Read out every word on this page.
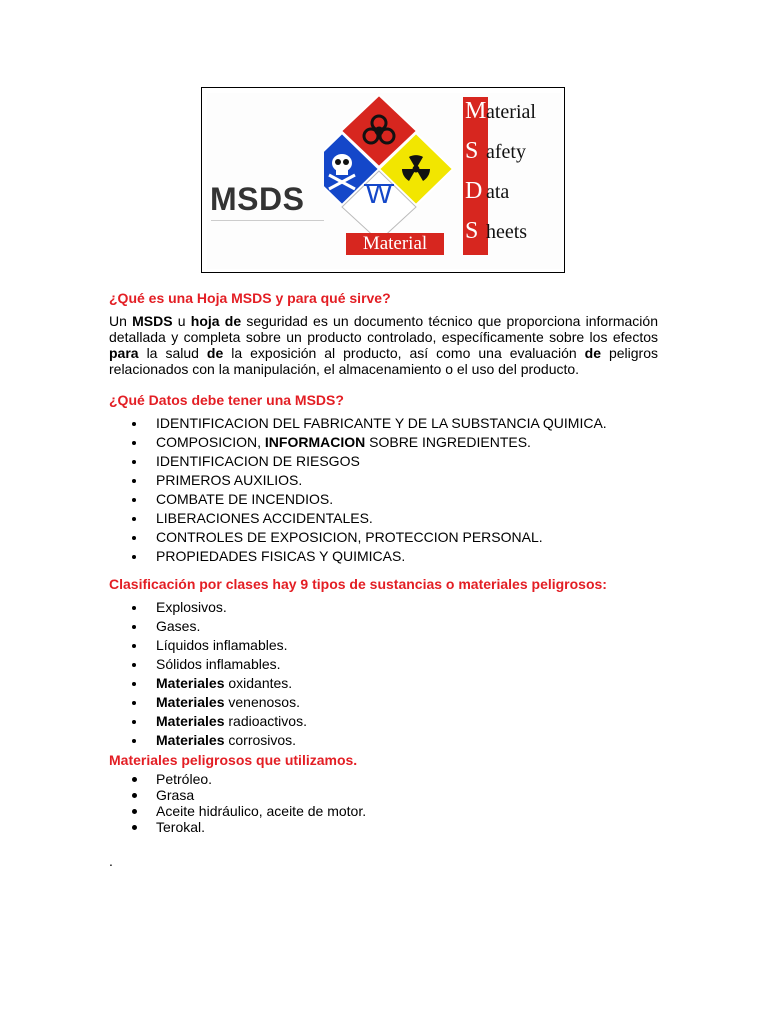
MSDS W
Material
Material
S afety
D ata
S heets
¿Qué es una Hoja MSDS y para qué sirve?

Un MSDS u hoja de seguridad es un documento técnico que proporciona información detallada y completa sobre un producto controlado, específicamente sobre los efectos para la salud de la exposición al producto, así como una evaluación de peligros relacionados con la manipulación, el almacenamiento o el uso del producto.

¿Qué Datos debe tener una MSDS?
IDENTIFICACION DEL FABRICANTE Y DE LA SUBSTANCIA QUIMICA.
COMPOSICION, INFORMACION SOBRE INGREDIENTES.
IDENTIFICACION DE RIESGOS
PRIMEROS AUXILIOS.
COMBATE DE INCENDIOS.
LIBERACIONES ACCIDENTALES.
CONTROLES DE EXPOSICION, PROTECCION PERSONAL.
PROPIEDADES FISICAS Y QUIMICAS.
Clasificación por clases hay 9 tipos de sustancias o materiales peligrosos:
Explosivos.
Gases.
Líquidos inflamables.
Sólidos inflamables.
Materiales oxidantes.
Materiales venenosos.
Materiales radioactivos.
Materiales corrosivos.
Materiales peligrosos que utilizamos.
Petróleo.
Grasa
Aceite hidráulico, aceite de motor.
Terokal.
.
